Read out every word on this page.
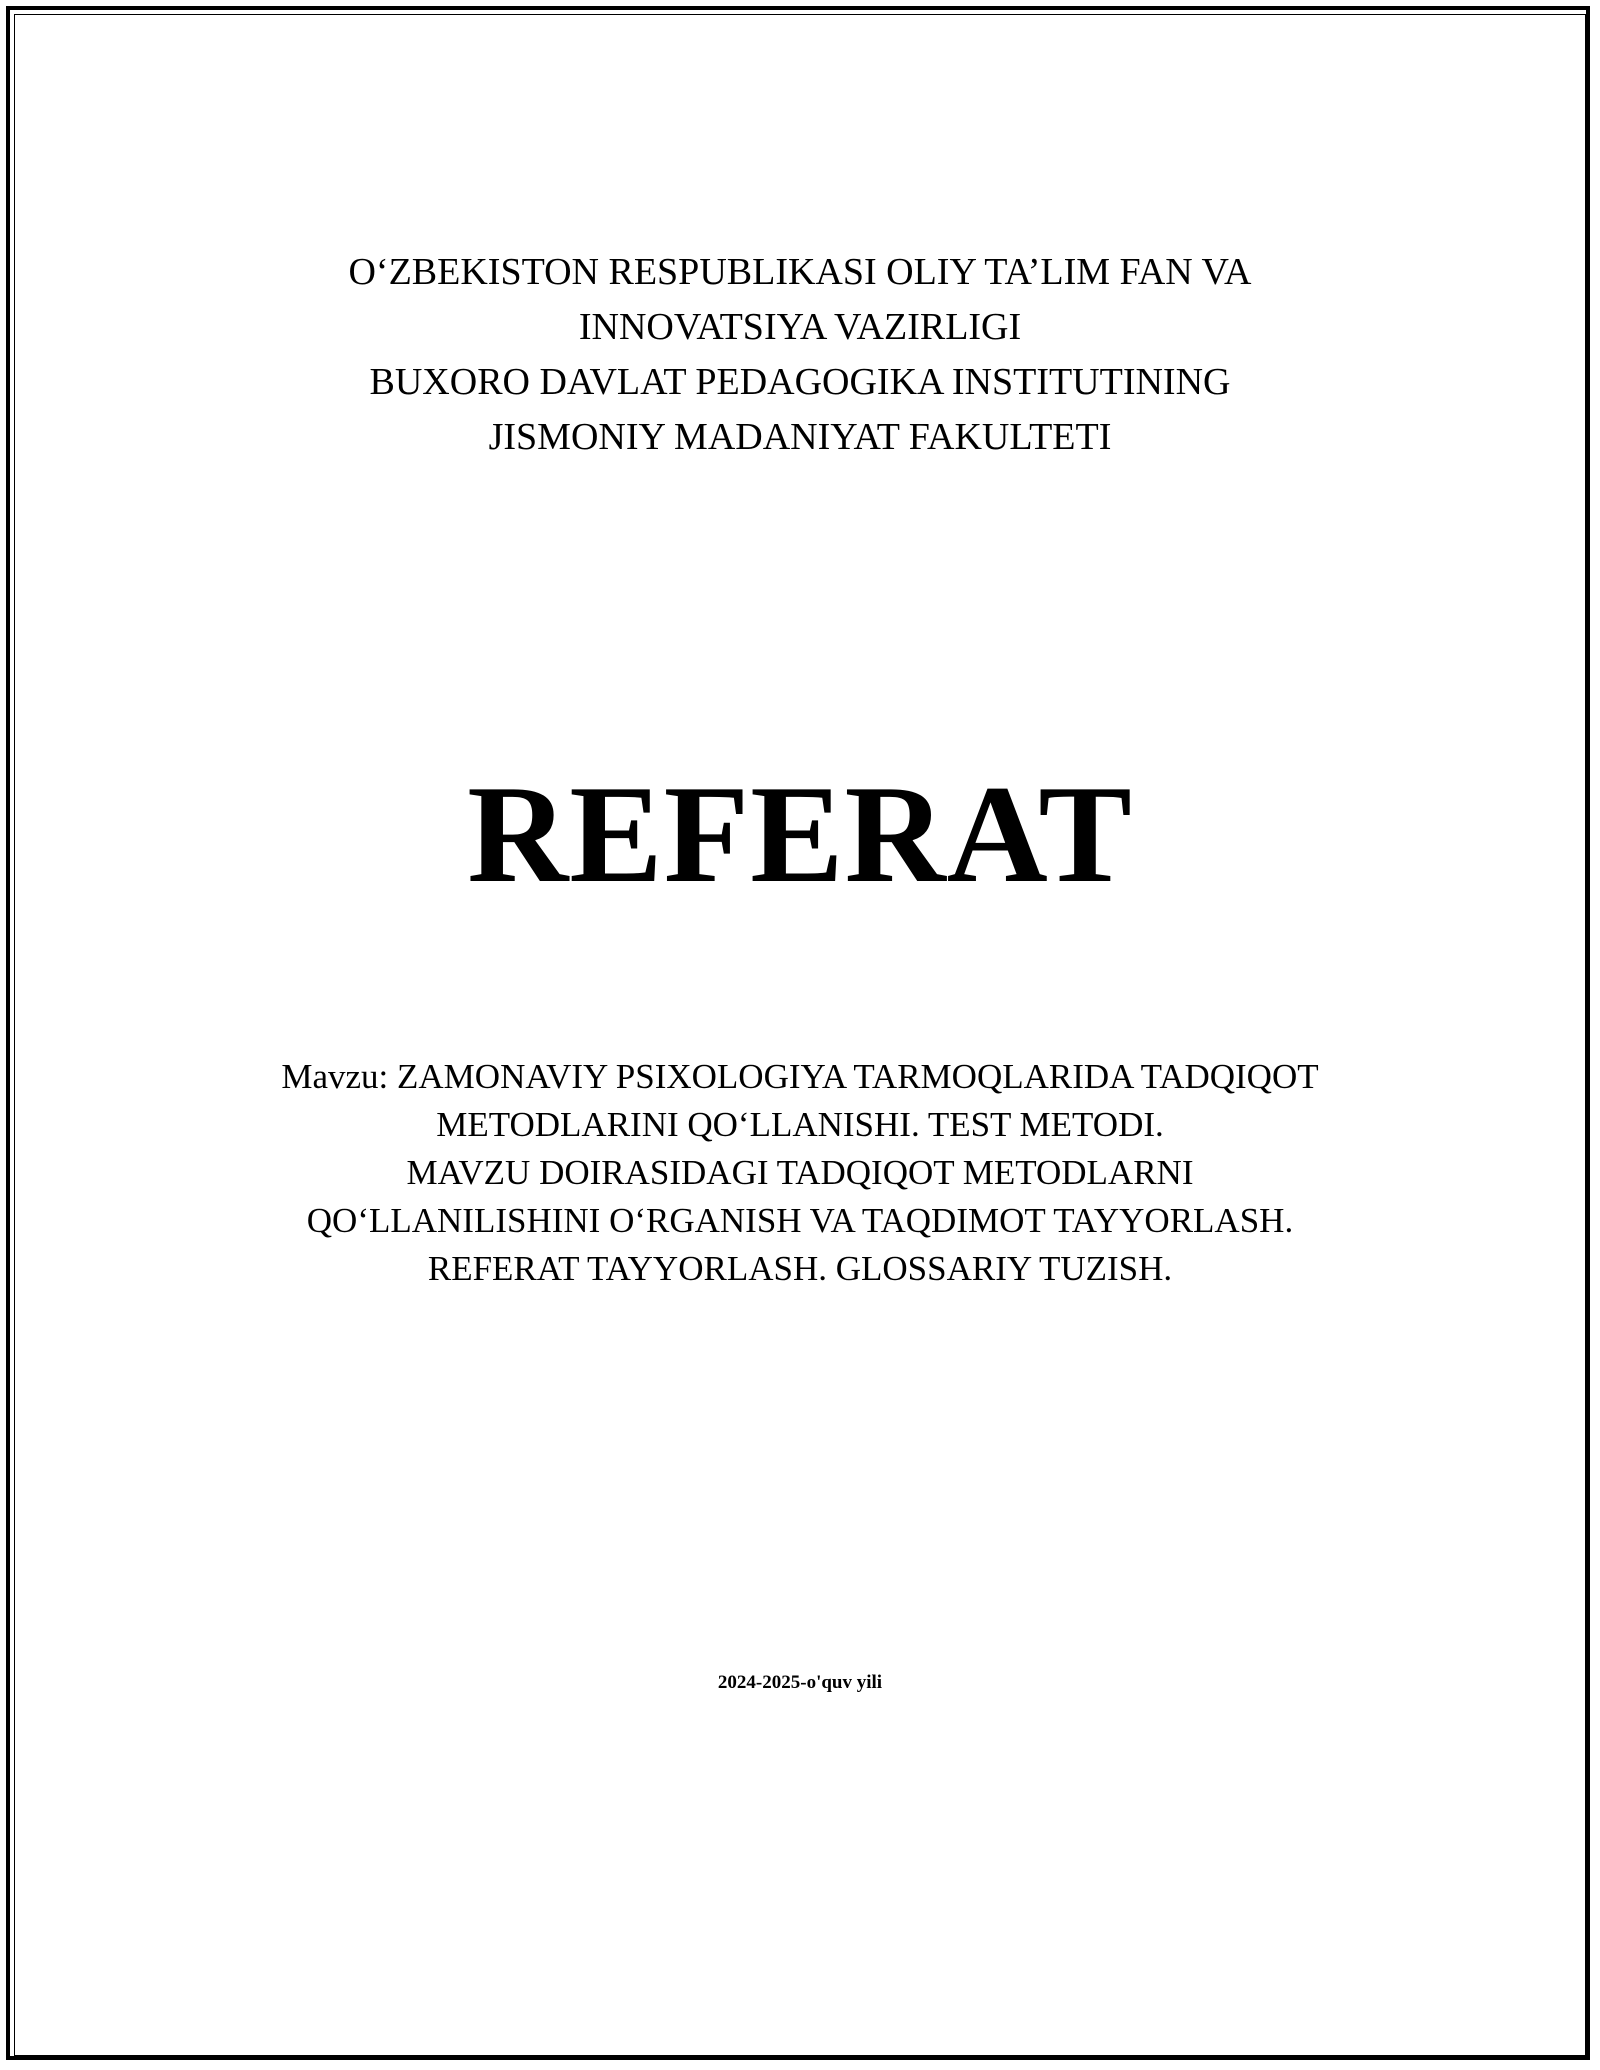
O‘ZBEKISTON RESPUBLIKASI OLIY TA’LIM FAN VA
INNOVATSIYA VAZIRLIGI
BUXORO DAVLAT PEDAGOGIKA INSTITUTINING
JISMONIY MADANIYAT FAKULTETI
REFERAT
Mavzu: ZAMONAVIY PSIXOLOGIYA TARMOQLARIDA TADQIQOT
METODLARINI QO‘LLANISHI. TEST METODI.
MAVZU DOIRASIDAGI TADQIQOT METODLARNI
QO‘LLANILISHINI O‘RGANISH VA TAQDIMOT TAYYORLASH.
REFERAT TAYYORLASH. GLOSSARIY TUZISH.
2024-2025-o'quv yili
